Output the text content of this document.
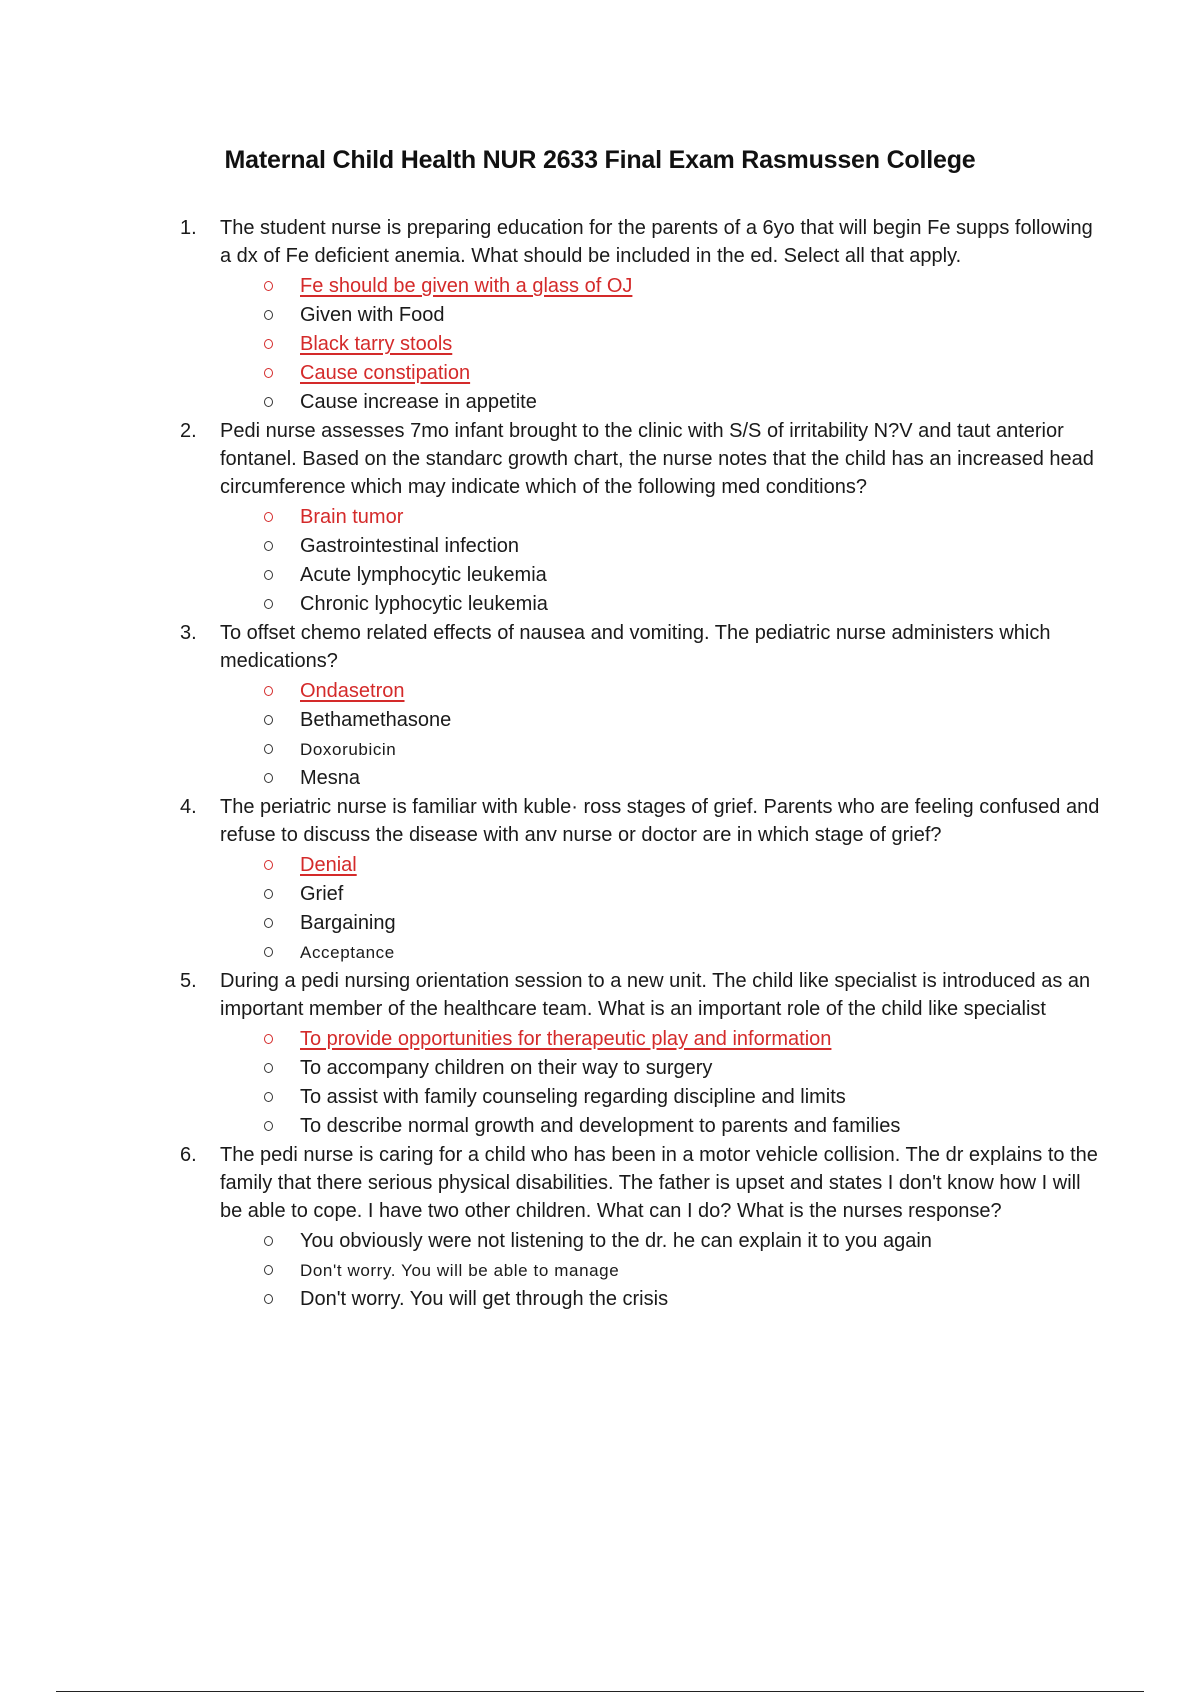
Maternal Child Health NUR 2633 Final Exam Rasmussen College
1. The student nurse is preparing education for the parents of a 6yo that will begin Fe supps following a dx of Fe deficient anemia. What should be included in the ed. Select all that apply.

Fe should be given with a glass of OJ
Given with Food
Black tarry stools
Cause constipation
Cause increase in appetite
2. Pedi nurse assesses 7mo infant brought to the clinic with S/S of irritability N?V and taut anterior fontanel. Based on the standarc growth chart, the nurse notes that the child has an increased head circumference which may indicate which of the following med conditions?

Brain tumor
Gastrointestinal infection
Acute lymphocytic leukemia
Chronic lyphocytic leukemia
3. To offset chemo related effects of nausea and vomiting. The pediatric nurse administers which medications?

Ondasetron
Bethamethasone
Doxorubicin
Mesna
4. The periatric nurse is familiar with kuble· ross stages of grief. Parents who are feeling confused and refuse to discuss the disease with anv nurse or doctor are in which stage of grief?

Denial
Grief
Bargaining
Acceptance
5. During a pedi nursing orientation session to a new unit. The child like specialist is introduced as an important member of the healthcare team. What is an important role of the child like specialist

To provide opportunities for therapeutic play and information
To accompany children on their way to surgery
To assist with family counseling regarding discipline and limits
To describe normal growth and development to parents and families
6. The pedi nurse is caring for a child who has been in a motor vehicle collision. The dr explains to the family that there serious physical disabilities. The father is upset and states I don't know how I will be able to cope. I have two other children. What can I do? What is the nurses response?

You obviously were not listening to the dr. he can explain it to you again
Don't worry. You will be able to manage
Don't worry. You will get through the crisis
